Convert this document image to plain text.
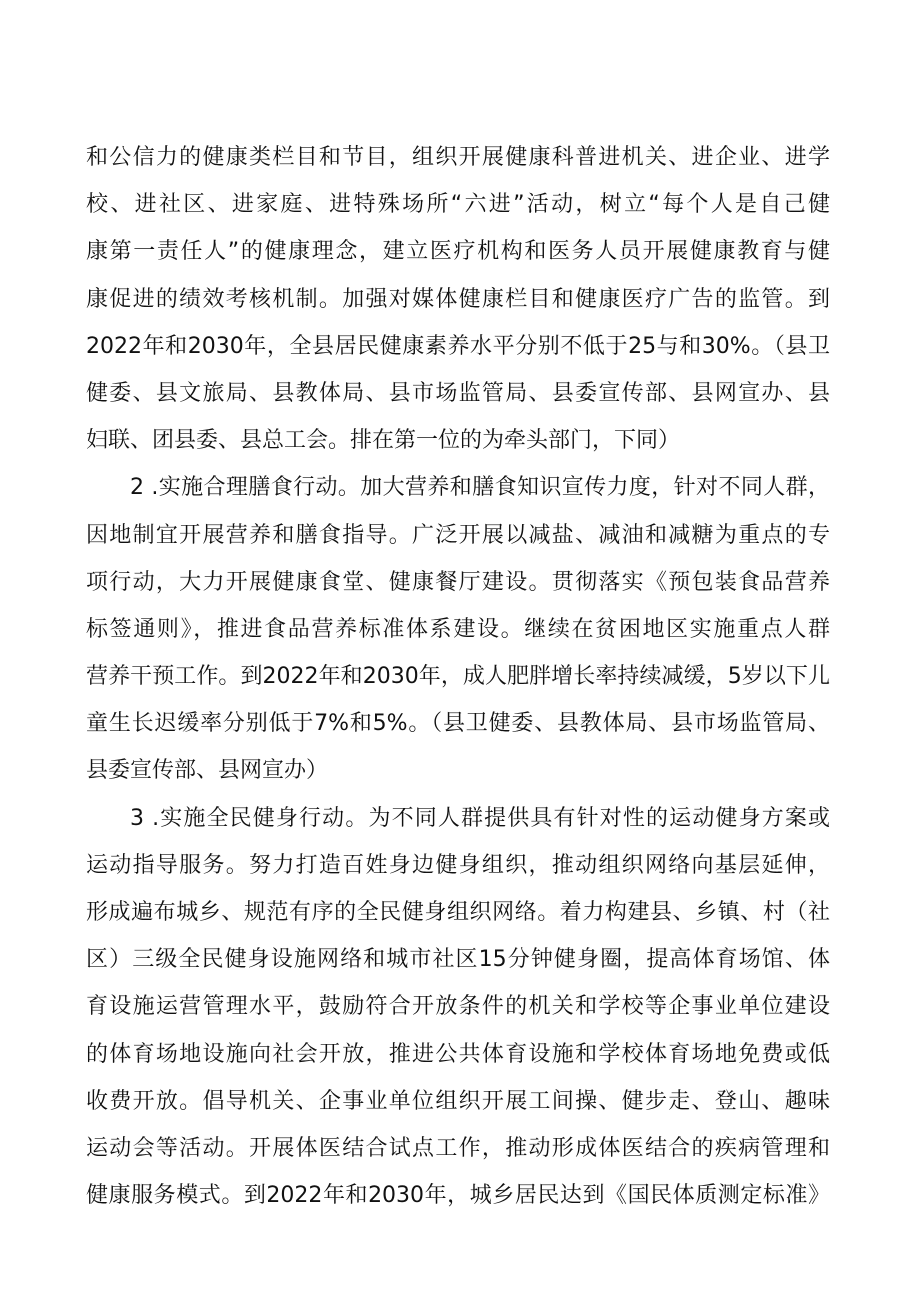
和公信力的健康类栏目和节目，组织开展健康科普进机关、进企业、进学
校、进社区、进家庭、进特殊场所“六进”活动，树立“每个人是自己健
康第一责任人”的健康理念，建立医疗机构和医务人员开展健康教育与健
康促进的绩效考核机制。加强对媒体健康栏目和健康医疗广告的监管。到
2022年和2030年，全县居民健康素养水平分别不低于25与和30%。（县卫
健委、县文旅局、县教体局、县市场监管局、县委宣传部、县网宣办、县
妇联、团县委、县总工会。排在第一位的为牵头部门，下同）
2 .实施合理膳食行动。加大营养和膳食知识宣传力度，针对不同人群，
因地制宜开展营养和膳食指导。广泛开展以减盐、减油和减糖为重点的专
项行动，大力开展健康食堂、健康餐厅建设。贯彻落实《预包装食品营养
标签通则》，推进食品营养标准体系建设。继续在贫困地区实施重点人群
营养干预工作。到2022年和2030年，成人肥胖增长率持续减缓，5岁以下儿
童生长迟缓率分别低于7%和5%。（县卫健委、县教体局、县市场监管局、
县委宣传部、县网宣办）
3 .实施全民健身行动。为不同人群提供具有针对性的运动健身方案或
运动指导服务。努力打造百姓身边健身组织，推动组织网络向基层延伸，
形成遍布城乡、规范有序的全民健身组织网络。着力构建县、乡镇、村（社
区）三级全民健身设施网络和城市社区15分钟健身圈，提高体育场馆、体
育设施运营管理水平，鼓励符合开放条件的机关和学校等企事业单位建设
的体育场地设施向社会开放，推进公共体育设施和学校体育场地免费或低
收费开放。倡导机关、企事业单位组织开展工间操、健步走、登山、趣味
运动会等活动。开展体医结合试点工作，推动形成体医结合的疾病管理和
健康服务模式。到2022年和2030年，城乡居民达到《国民体质测定标准》
